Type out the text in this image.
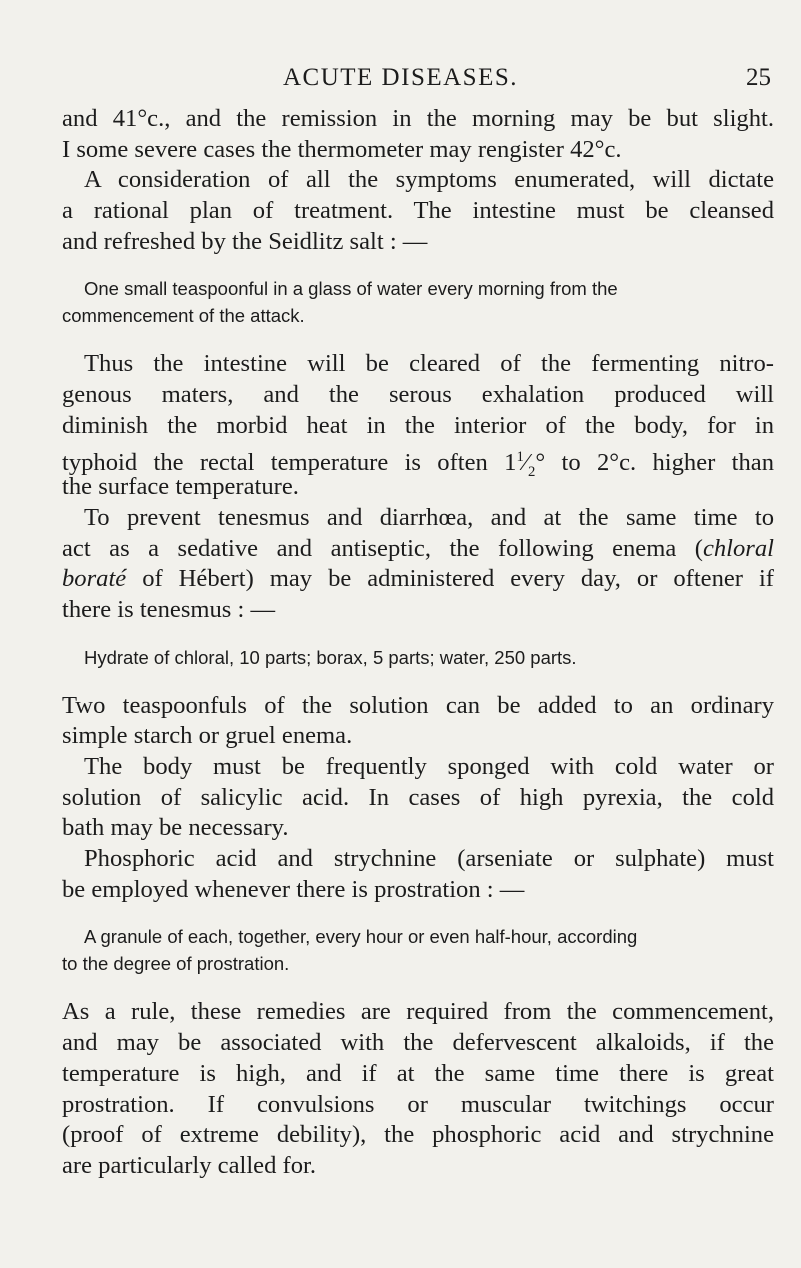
ACUTE DISEASES.	25
and 41°c., and the remission in the morning may be but slight.
I some severe cases the thermometer may rengister 42°c.
A consideration of all the symptoms enumerated, will dictate
a rational plan of treatment. The intestine must be cleansed
and refreshed by the Seidlitz salt : —
One small teaspoonful in a glass of water every morning from the
commencement of the attack.
Thus the intestine will be cleared of the fermenting nitro-
genous maters, and the serous exhalation produced will
diminish the morbid heat in the interior of the body, for in
typhoid the rectal temperature is often $1^1⁄_2^\circ$ to 2°c. higher than
the surface temperature.
To prevent tenesmus and diarrhœa, and at the same time to
act as a sedative and antiseptic, the following enema (chloral
boraté of Hébert) may be administered every day, or oftener if
there is tenesmus : —
Hydrate of chloral, 10 parts; borax, 5 parts; water, 250 parts.
Two teaspoonfuls of the solution can be added to an ordinary
simple starch or gruel enema.
The body must be frequently sponged with cold water or
solution of salicylic acid. In cases of high pyrexia, the cold
bath may be necessary.
Phosphoric acid and strychnine (arseniate or sulphate) must
be employed whenever there is prostration : —
A granule of each, together, every hour or even half-hour, according
to the degree of prostration.
As a rule, these remedies are required from the commencement,
and may be associated with the defervescent alkaloids, if the
temperature is high, and if at the same time there is great
prostration. If convulsions or muscular twitchings occur
(proof of extreme debility), the phosphoric acid and strychnine
are particularly called for.
